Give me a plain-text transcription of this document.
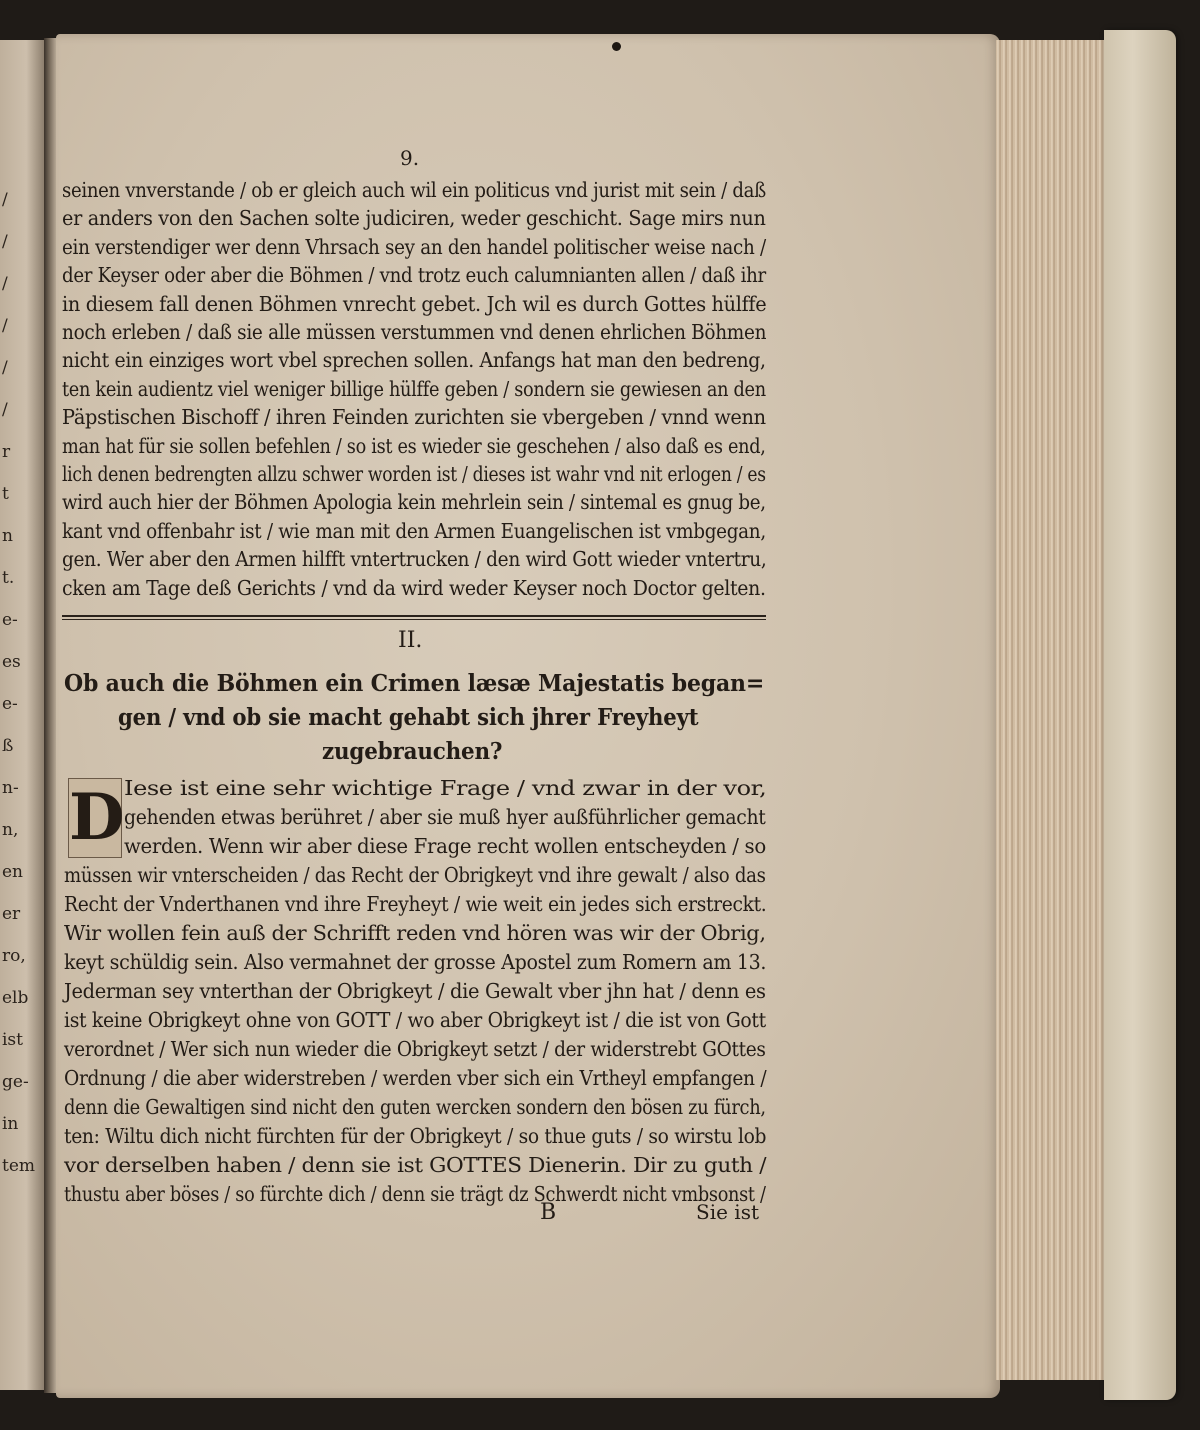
/
/
/
/
/
/
r
t
n
t.
e-
es
e-
ß
n-
n,
en
er
ro,
elb
ist
ge-
in
tem
9.
seinen vnverstande / ob er gleich auch wil ein politicus vnd jurist mit sein / daß
er anders von den Sachen solte judiciren, weder geschicht. Sage mirs nun
ein verstendiger wer denn Vhrsach sey an den handel politischer weise nach /
der Keyser oder aber die Böhmen / vnd trotz euch calumnianten allen / daß ihr
in diesem fall denen Böhmen vnrecht gebet. Jch wil es durch Gottes hülffe
noch erleben / daß sie alle müssen verstummen vnd denen ehrlichen Böhmen
nicht ein einziges wort vbel sprechen sollen. Anfangs hat man den bedreng,
ten kein audientz viel weniger billige hülffe geben / sondern sie gewiesen an den
Päpstischen Bischoff / ihren Feinden zurichten sie vbergeben / vnnd wenn
man hat für sie sollen befehlen / so ist es wieder sie geschehen / also daß es end,
lich denen bedrengten allzu schwer worden ist / dieses ist wahr vnd nit erlogen / es
wird auch hier der Böhmen Apologia kein mehrlein sein / sintemal es gnug be,
kant vnd offenbahr ist / wie man mit den Armen Euangelischen ist vmbgegan,
gen. Wer aber den Armen hilfft vntertrucken / den wird Gott wieder vntertru,
cken am Tage deß Gerichts / vnd da wird weder Keyser noch Doctor gelten.
II.
Ob auch die Böhmen ein Crimen læsæ Majestatis began=
gen / vnd ob sie macht gehabt sich jhrer Freyheyt
zugebrauchen?
D Iese ist eine sehr wichtige Frage / vnd zwar in der vor,
gehenden etwas berühret / aber sie muß hyer außführlicher gemacht
werden. Wenn wir aber diese Frage recht wollen entscheyden / so
müssen wir vnterscheiden / das Recht der Obrigkeyt vnd ihre gewalt / also das
Recht der Vnderthanen vnd ihre Freyheyt / wie weit ein jedes sich erstreckt.
Wir wollen fein auß der Schrifft reden vnd hören was wir der Obrig,
keyt schüldig sein. Also vermahnet der grosse Apostel zum Romern am 13.
Jederman sey vnterthan der Obrigkeyt / die Gewalt vber jhn hat / denn es
ist keine Obrigkeyt ohne von GOTT / wo aber Obrigkeyt ist / die ist von Gott
verordnet / Wer sich nun wieder die Obrigkeyt setzt / der widerstrebt GOttes
Ordnung / die aber widerstreben / werden vber sich ein Vrtheyl empfangen /
denn die Gewaltigen sind nicht den guten wercken sondern den bösen zu fürch,
ten: Wiltu dich nicht fürchten für der Obrigkeyt / so thue guts / so wirstu lob
vor derselben haben / denn sie ist GOTTES Dienerin. Dir zu guth /
thustu aber böses / so fürchte dich / denn sie trägt dz Schwerdt nicht vmbsonst /
B	Sie ist
